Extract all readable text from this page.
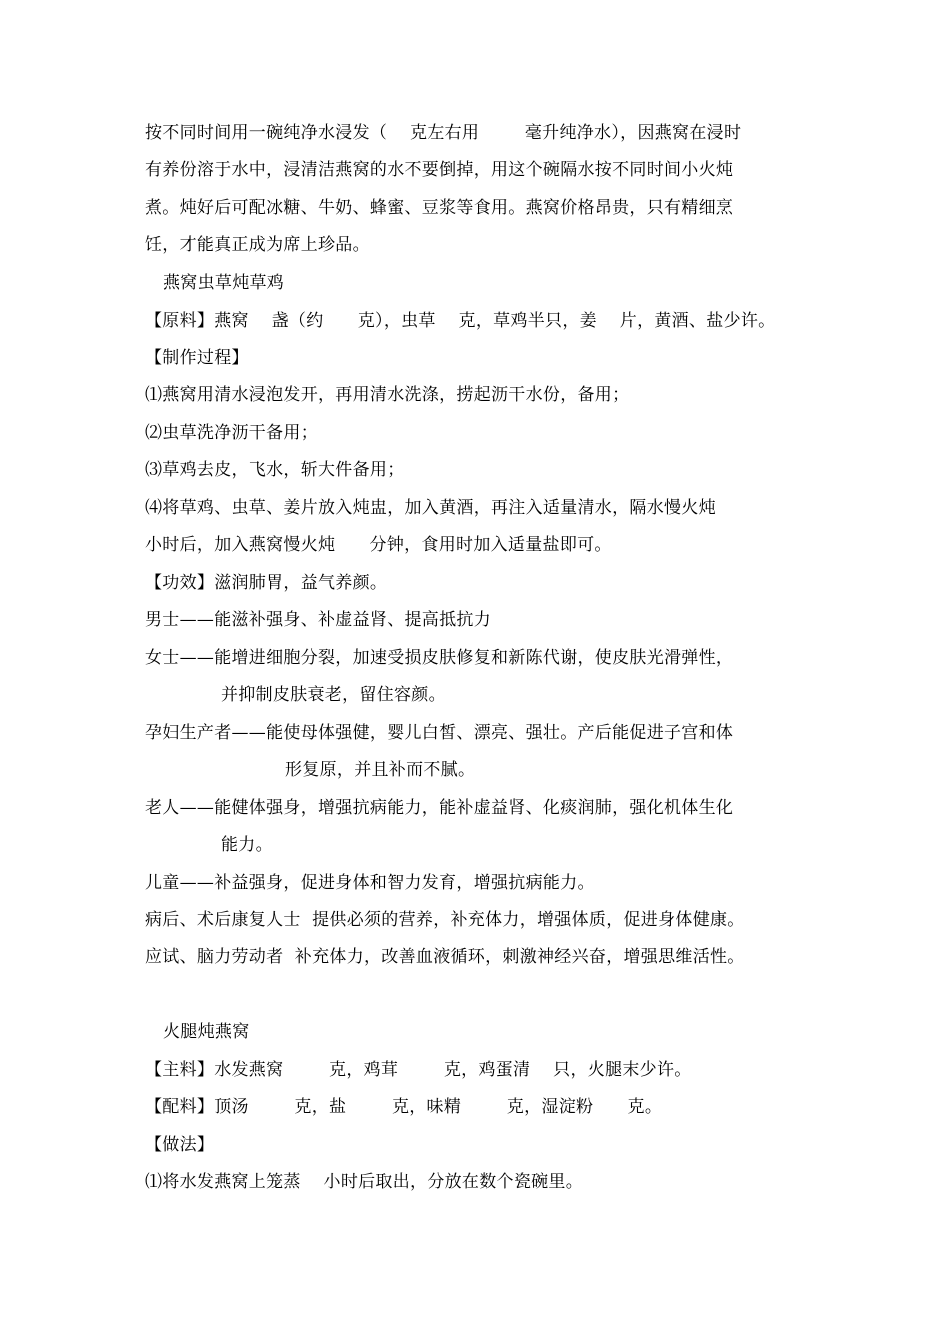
按不同时间用一碗纯净水浸发（    克左右用        毫升纯净水），因燕窝在浸时
有养份溶于水中，浸清洁燕窝的水不要倒掉，用这个碗隔水按不同时间小火炖
煮。炖好后可配冰糖、牛奶、蜂蜜、豆浆等食用。燕窝价格昂贵，只有精细烹
饪，才能真正成为席上珍品。
燕窝虫草炖草鸡
【原料】燕窝    盏（约      克），虫草    克，草鸡半只，姜    片，黄酒、盐少许。
【制作过程】
⑴燕窝用清水浸泡发开，再用清水洗涤，捞起沥干水份，备用；
⑵虫草洗净沥干备用；
⑶草鸡去皮，飞水，斩大件备用；
⑷将草鸡、虫草、姜片放入炖盅，加入黄酒，再注入适量清水，隔水慢火炖
小时后，加入燕窝慢火炖      分钟，食用时加入适量盐即可。
【功效】滋润肺胃，益气养颜。
男士——能滋补强身、补虚益肾、提高抵抗力
女士——能增进细胞分裂，加速受损皮肤修复和新陈代谢，使皮肤光滑弹性，
并抑制皮肤衰老，留住容颜。
孕妇生产者——能使母体强健，婴儿白皙、漂亮、强壮。产后能促进子宫和体
形复原，并且补而不腻。
老人——能健体强身，增强抗病能力，能补虚益肾、化痰润肺，强化机体生化
能力。
儿童——补益强身，促进身体和智力发育，增强抗病能力。
病后、术后康复人士  提供必须的营养，补充体力，增强体质，促进身体健康。
应试、脑力劳动者  补充体力，改善血液循环，刺激神经兴奋，增强思维活性。
火腿炖燕窝
【主料】水发燕窝        克，鸡茸        克，鸡蛋清    只，火腿末少许。
【配料】顶汤        克，盐        克，味精        克，湿淀粉      克。
【做法】
⑴将水发燕窝上笼蒸    小时后取出，分放在数个瓷碗里。
